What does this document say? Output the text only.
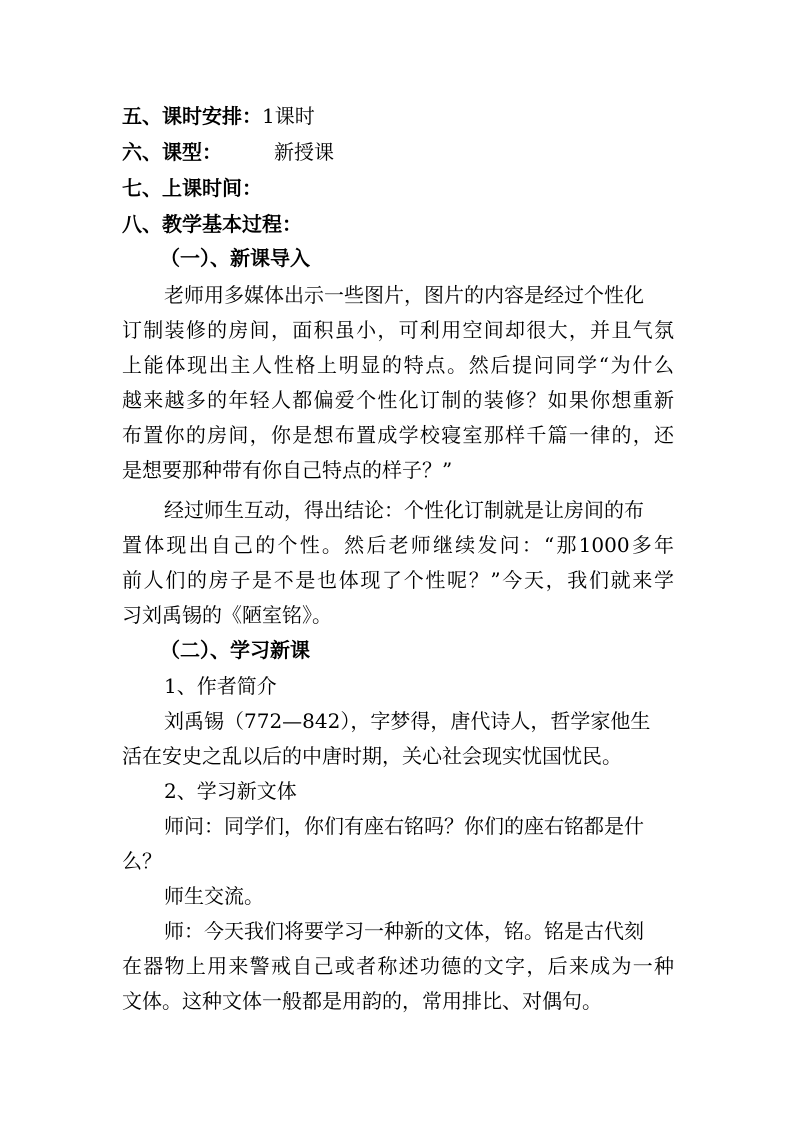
五、课时安排：1课时
六、课型：	新授课
七、上课时间：
八、教学基本过程：
（一）、新课导入
老师用多媒体出示一些图片，图片的内容是经过个性化
订制装修的房间，面积虽小，可利用空间却很大，并且气氛
上能体现出主人性格上明显的特点。然后提问同学“为什么
越来越多的年轻人都偏爱个性化订制的装修？如果你想重新
布置你的房间，你是想布置成学校寝室那样千篇一律的，还
是想要那种带有你自己特点的样子？”
经过师生互动，得出结论：个性化订制就是让房间的布
置体现出自己的个性。然后老师继续发问：“那1000多年
前人们的房子是不是也体现了个性呢？”今天，我们就来学
习刘禹锡的《陋室铭》。
（二）、学习新课
1、作者简介
刘禹锡（772—842），字梦得，唐代诗人，哲学家他生
活在安史之乱以后的中唐时期，关心社会现实忧国忧民。
2、学习新文体
师问：同学们，你们有座右铭吗？你们的座右铭都是什
么？
师生交流。
师：今天我们将要学习一种新的文体，铭。铭是古代刻
在器物上用来警戒自己或者称述功德的文字，后来成为一种
文体。这种文体一般都是用韵的，常用排比、对偶句。
